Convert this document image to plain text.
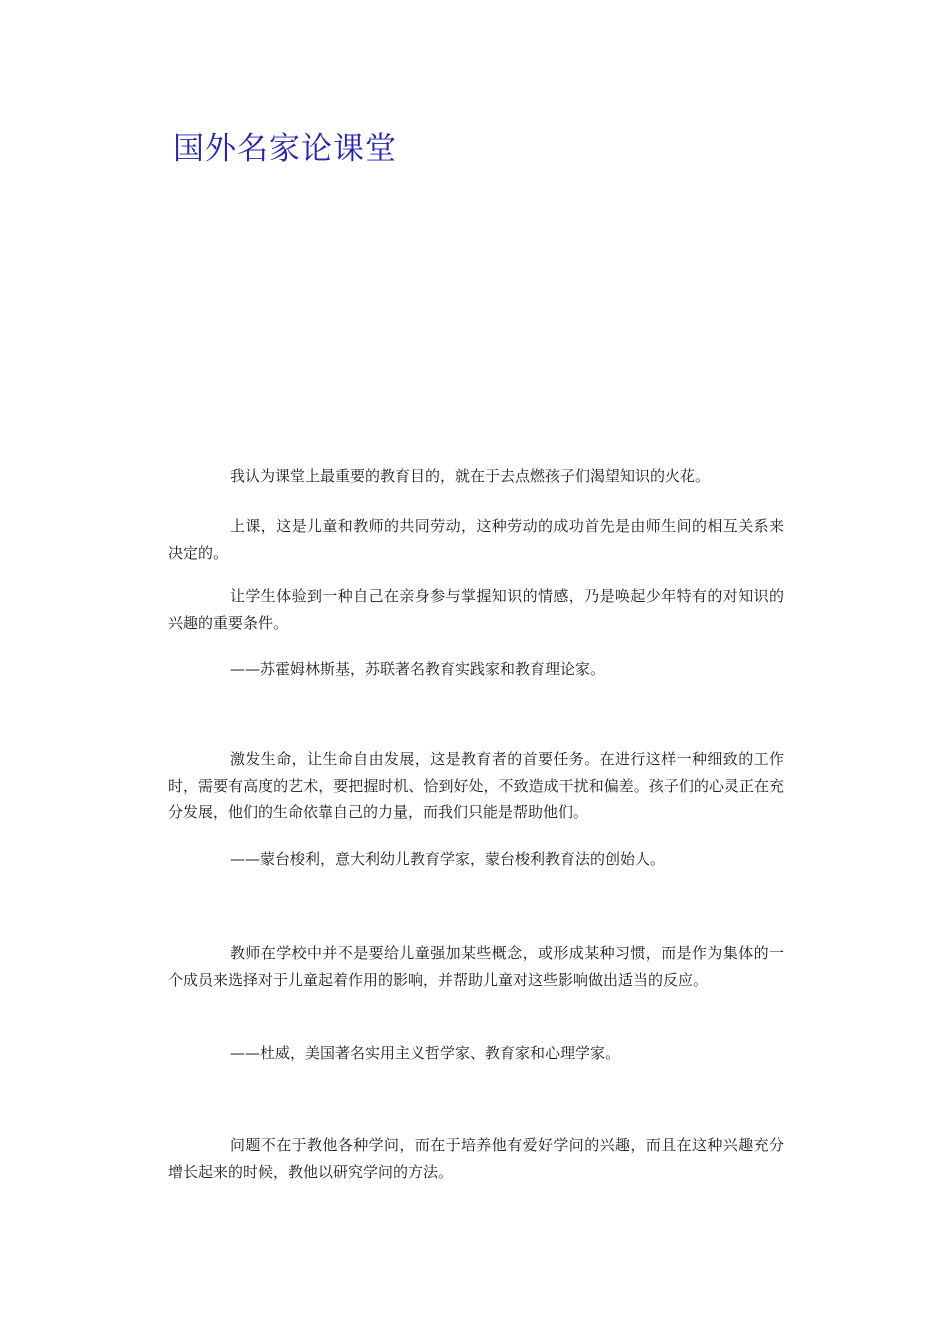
国外名家论课堂

我认为课堂上最重要的教育目的，就在于去点燃孩子们渴望知识的火花。

上课，这是儿童和教师的共同劳动，这种劳动的成功首先是由师生间的相互关系来决定的。

让学生体验到一种自己在亲身参与掌握知识的情感，乃是唤起少年特有的对知识的兴趣的重要条件。

——苏霍姆林斯基，苏联著名教育实践家和教育理论家。

激发生命，让生命自由发展，这是教育者的首要任务。在进行这样一种细致的工作时，需要有高度的艺术，要把握时机、恰到好处，不致造成干扰和偏差。孩子们的心灵正在充分发展，他们的生命依靠自己的力量，而我们只能是帮助他们。

——蒙台梭利，意大利幼儿教育学家，蒙台梭利教育法的创始人。

教师在学校中并不是要给儿童强加某些概念，或形成某种习惯，而是作为集体的一个成员来选择对于儿童起着作用的影响，并帮助儿童对这些影响做出适当的反应。

——杜威，美国著名实用主义哲学家、教育家和心理学家。

问题不在于教他各种学问，而在于培养他有爱好学问的兴趣，而且在这种兴趣充分增长起来的时候，教他以研究学问的方法。
